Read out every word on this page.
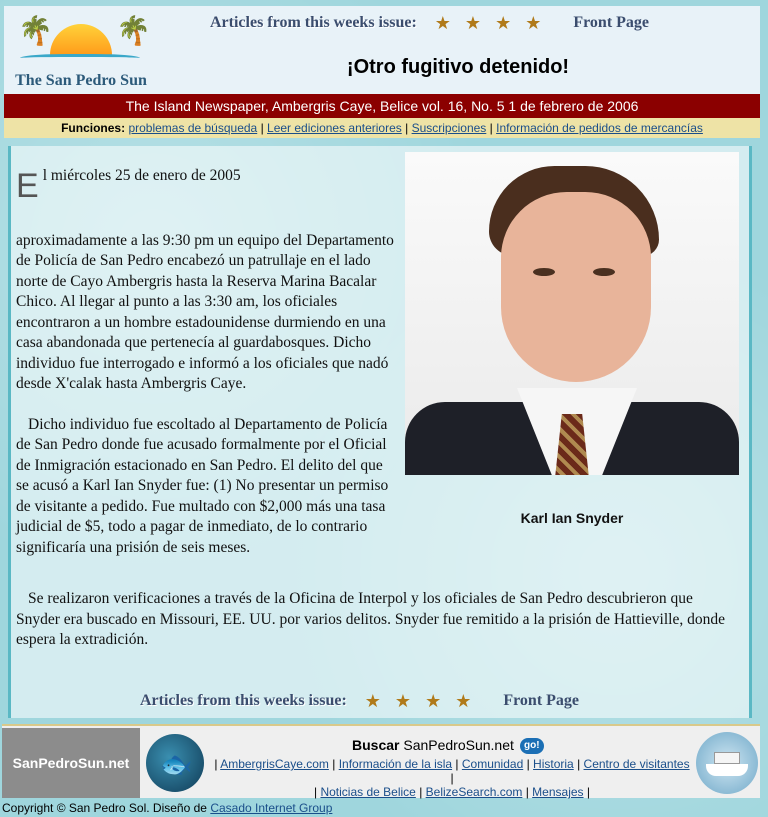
🌴 🌴
The San Pedro Sun
Articles from this weeks issue: ★ ★ ★ ★ Front Page
¡Otro fugitivo detenido!
The Island Newspaper, Ambergris Caye, Belice vol. 16, No. 5 1 de febrero de 2006
Funciones: problemas de búsqueda | Leer ediciones anteriores | Suscripciones | Información de pedidos de mercancías
E l miércoles 25 de enero de 2005

aproximadamente a las 9:30 pm un equipo del Departamento de Policía de San Pedro encabezó un patrullaje en el lado norte de Cayo Ambergris hasta la Reserva Marina Bacalar Chico. Al llegar al punto a las 3:30 am, los oficiales encontraron a un hombre estadounidense durmiendo en una casa abandonada que pertenecía al guardabosques. Dicho individuo fue interrogado e informó a los oficiales que nadó desde X'calak hasta Ambergris Caye.

Dicho individuo fue escoltado al Departamento de Policía de San Pedro donde fue acusado formalmente por el Oficial de Inmigración estacionado en San Pedro. El delito del que se acusó a Karl Ian Snyder fue: (1) No presentar un permiso de visitante a pedido. Fue multado con $2,000 más una tasa judicial de $5, todo a pagar de inmediato, de lo contrario significaría una prisión de seis meses.

Karl Ian Snyder

Se realizaron verificaciones a través de la Oficina de Interpol y los oficiales de San Pedro descubrieron que Snyder era buscado en Missouri, EE. UU. por varios delitos. Snyder fue remitido a la prisión de Hattieville, donde espera la extradición.

Articles from this weeks issue: ★ ★ ★ ★ Front Page
SanPedroSun.net	🐟
Buscar SanPedroSun.net go!
| AmbergrisCaye.com | Información de la isla | Comunidad | Historia | Centro de visitantes |
| Noticias de Belice | BelizeSearch.com | Mensajes |
Copyright © San Pedro Sol. Diseño de Casado Internet Group
